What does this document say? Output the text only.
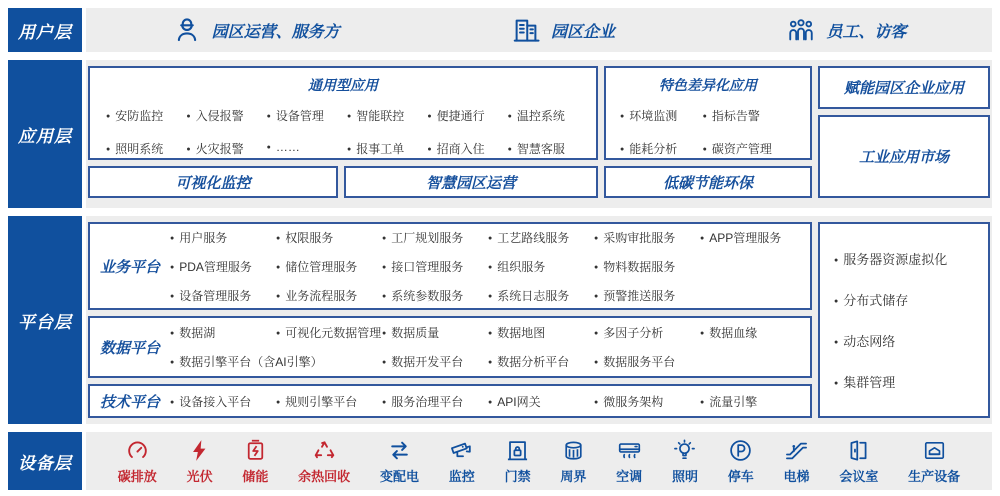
用户层	园区运营、服务方	园区企业	员工、访客
应用层
通用型应用
● 安防监控	● 入侵报警	● 设备管理	● 智能联控	● 便捷通行	● 温控系统
● 照明系统	● 火灾报警	● ……	● 报事工单	● 招商入住	● 智慧客服
可视化监控	智慧园区运营
特色差异化应用
● 环境监测	● 指标告警
● 能耗分析	● 碳资产管理
低碳节能环保
赋能园区企业应用
工业应用市场
平台层
业务平台
● 用户服务	● 权限服务	● 工厂规划服务	● 工艺路线服务	● 采购审批服务	● APP管理服务
● PDA管理服务	● 储位管理服务	● 接口管理服务	● 组织服务	● 物料数据服务
● 设备管理服务	● 业务流程服务	● 系统参数服务	● 系统日志服务	● 预警推送服务
数据平台
● 数据湖	● 可视化元数据管理 ● 数据质量	● 数据地图	● 多因子分析	● 数据血缘
● 数据引擎平台（含AI引擎）	● 数据开发平台	● 数据分析平台	● 数据服务平台
技术平台	● 设备接入平台	● 规则引擎平台	● 服务治理平台	● API网关	● 微服务架构	● 流量引擎
● 服务器资源虚拟化
● 分布式储存
● 动态网络
● 集群管理
设备层
碳排放 光伏 储能 余热回收 变配电 监控 门禁 周界 空调 照明 停车 电梯 会议室 生产设备
